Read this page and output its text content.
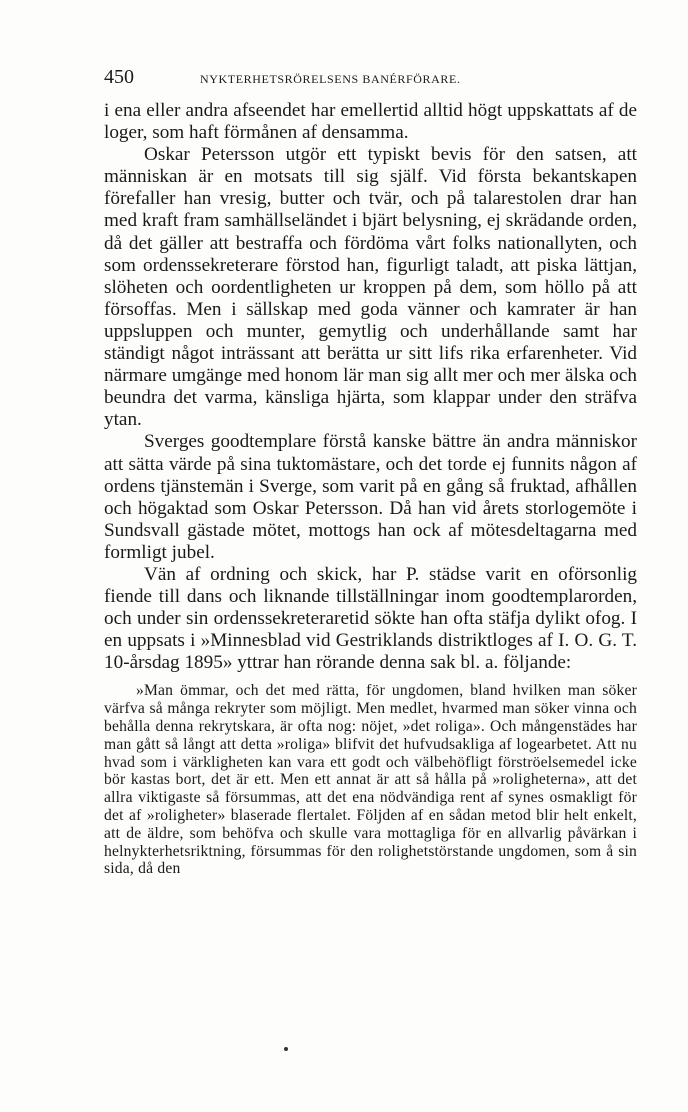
450	NYKTERHETSRÖRELSENS BANÉRFÖRARE.

i ena eller andra afseendet har emellertid alltid högt uppskattats af de loger, som haft förmånen af densamma.

Oskar Petersson utgör ett typiskt bevis för den satsen, att människan är en motsats till sig själf. Vid första bekantskapen förefaller han vresig, butter och tvär, och på talarestolen drar han med kraft fram samhällseländet i bjärt belysning, ej skrädande orden, då det gäller att bestraffa och fördöma vårt folks nationallyten, och som ordenssekreterare förstod han, figurligt taladt, att piska lättjan, slöheten och oordentligheten ur kroppen på dem, som höllo på att försoffas. Men i sällskap med goda vänner och kamrater är han uppsluppen och munter, gemytlig och underhållande samt har ständigt något inträssant att berätta ur sitt lifs rika erfarenheter. Vid närmare umgänge med honom lär man sig allt mer och mer älska och beundra det varma, känsliga hjärta, som klappar under den sträfva ytan.

Sverges goodtemplare förstå kanske bättre än andra människor att sätta värde på sina tuktomästare, och det torde ej funnits någon af ordens tjänstemän i Sverge, som varit på en gång så fruktad, afhållen och högaktad som Oskar Petersson. Då han vid årets storlogemöte i Sundsvall gästade mötet, mottogs han ock af mötesdeltagarna med formligt jubel.

Vän af ordning och skick, har P. städse varit en oförsonlig fiende till dans och liknande tillställningar inom goodtemplarorden, och under sin ordenssekreteraretid sökte han ofta stäfja dylikt ofog. I en uppsats i »Minnesblad vid Gestriklands distriktloges af I. O. G. T. 10-årsdag 1895» yttrar han rörande denna sak bl. a. följande:

»Man ömmar, och det med rätta, för ungdomen, bland hvilken man söker värfva så många rekryter som möjligt. Men medlet, hvarmed man söker vinna och behålla denna rekrytskara, är ofta nog: nöjet, »det roliga». Och mångenstädes har man gått så långt att detta »roliga» blifvit det hufvudsakliga af logearbetet. Att nu hvad som i värkligheten kan vara ett godt och välbehöfligt förströelsemedel icke bör kastas bort, det är ett. Men ett annat är att så hålla på »roligheterna», att det allra viktigaste så försummas, att det ena nödvändiga rent af synes osmakligt för det af »roligheter» blaserade flertalet. Följden af en sådan metod blir helt enkelt, att de äldre, som behöfva och skulle vara mottagliga för en allvarlig påvärkan i helnykterhetsriktning, försummas för den rolighetstörstande ungdomen, som å sin sida, då den
